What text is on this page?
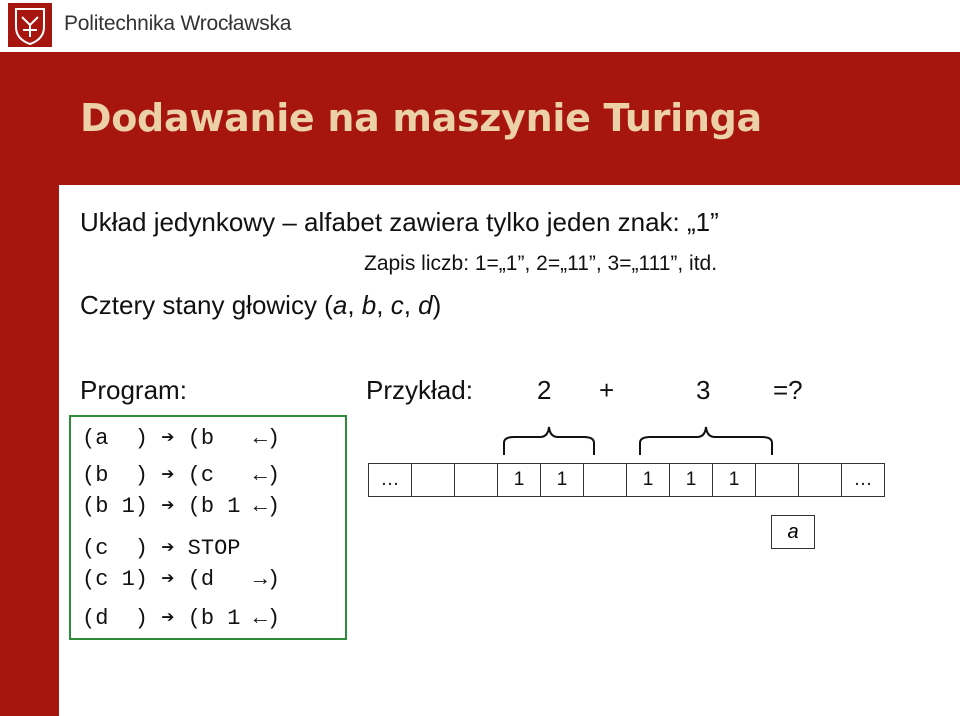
Politechnika Wrocławska
Dodawanie na maszynie Turinga
Układ jedynkowy – alfabet zawiera tylko jeden znak: „1”
Zapis liczb: 1=„1”, 2=„11”, 3=„111”, itd.
Cztery stany głowicy (a, b, c, d)
Program:
(a  ) ➔ (b   ←)
(b  ) ➔ (c   ←)
(b 1) ➔ (b 1 ←)
(c  ) ➔ STOP
(c 1) ➔ (d   →)
(d  ) ➔ (b 1 ←)
Przykład: 2 +	3 =?
…	1	1	1	1	1	…
a
